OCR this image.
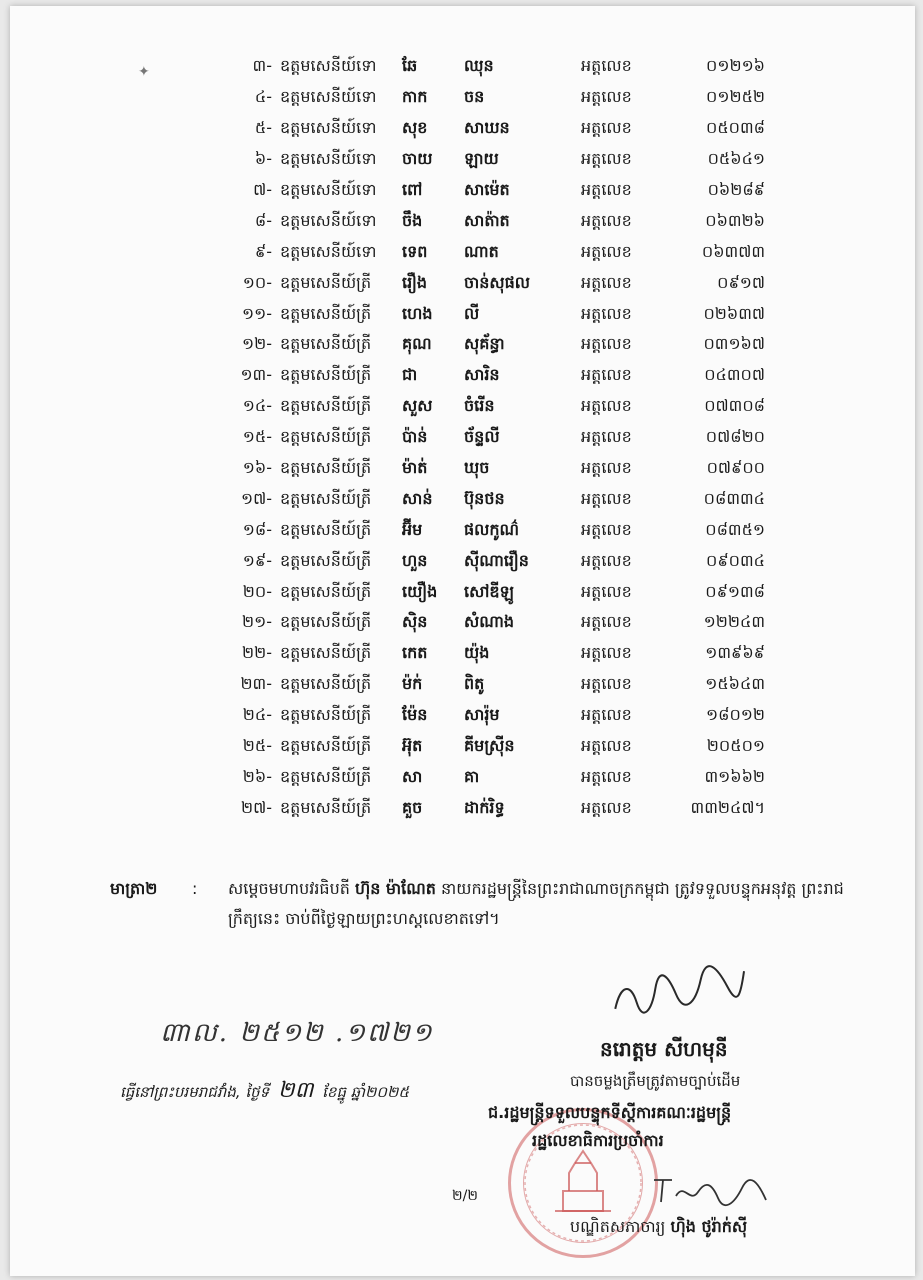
✦	៣-	ឧត្តមសេនីយ៍ទោ	ឆែ	ឈុន	អត្តលេខ	០១២១៦
៤-	ឧត្តមសេនីយ៍ទោ	កាក	ចន	អត្តលេខ	០១២៥២
៥-	ឧត្តមសេនីយ៍ទោ	សុខ	សាឃន	អត្តលេខ	០៥០៣៨
៦-	ឧត្តមសេនីយ៍ទោ	ចាយ	ឡាយ	អត្តលេខ	០៥៦៤១
៧-	ឧត្តមសេនីយ៍ទោ	ពៅ	សាម៉េត	អត្តលេខ	០៦២៨៩
៨-	ឧត្តមសេនីយ៍ទោ	ចឹង	សាត៉ាត	អត្តលេខ	០៦៣២៦
៩-	ឧត្តមសេនីយ៍ទោ	ទេព	ណាត	អត្តលេខ	០៦៣៧៣
១០-	ឧត្តមសេនីយ៍ត្រី	រឿង	ចាន់សុផល	អត្តលេខ	០៩១៧
១១-	ឧត្តមសេនីយ៍ត្រី	ហេង	លី	អត្តលេខ	០២៦៣៧
១២-	ឧត្តមសេនីយ៍ត្រី	គុណ	សុគ័ន្ធា	អត្តលេខ	០៣១៦៧
១៣-	ឧត្តមសេនីយ៍ត្រី	ជា	សារិន	អត្តលេខ	០៤៣០៧
១៤-	ឧត្តមសេនីយ៍ត្រី	សួស	ចំរើន	អត្តលេខ	០៧៣០៨
១៥-	ឧត្តមសេនីយ៍ត្រី	ប៉ាន់	ច័ន្ទលី	អត្តលេខ	០៧៨២០
១៦-	ឧត្តមសេនីយ៍ត្រី	ម៉ាត់	ឃុច	អត្តលេខ	០៧៩០០
១៧-	ឧត្តមសេនីយ៍ត្រី	សាន់	ប៊ុនថន	អត្តលេខ	០៨៣៣៤
១៨-	ឧត្តមសេនីយ៍ត្រី	អ៊ីម	ផលកូណ៌	អត្តលេខ	០៨៣៥១
១៩-	ឧត្តមសេនីយ៍ត្រី	ហួន	ស៊ីណារឿន	អត្តលេខ	០៩០៣៤
២០-	ឧត្តមសេនីយ៍ត្រី	យឿង	សៅឌីឡូ	អត្តលេខ	០៩១៣៨
២១-	ឧត្តមសេនីយ៍ត្រី	ស៊ិន	សំណាង	អត្តលេខ	១២២៤៣
២២-	ឧត្តមសេនីយ៍ត្រី	កេត	យ៉ុង	អត្តលេខ	១៣៩៦៩
២៣-	ឧត្តមសេនីយ៍ត្រី	ម៉ក់	ពិតូ	អត្តលេខ	១៥៦៤៣
២៤-	ឧត្តមសេនីយ៍ត្រី	ម៉ែន	សារ៉ុម	អត្តលេខ	១៨០១២
២៥-	ឧត្តមសេនីយ៍ត្រី	អ៊ុត	គីមស្រ៊ីន	អត្តលេខ	២០៥០១
២៦-	ឧត្តមសេនីយ៍ត្រី	សា	គា	អត្តលេខ	៣១៦៦២
២៧-	ឧត្តមសេនីយ៍ត្រី	គួច	ដាក់រិទ្ធ	អត្តលេខ	៣៣២៤៧។
មាត្រា២ : សម្តេចមហាបវរធិបតី ហ៊ុន ម៉ាណែត នាយករដ្ឋមន្ត្រីនៃព្រះរាជាណាចក្រកម្ពុជា ត្រូវទទួលបន្ទុកអនុវត្ត ព្រះរាជក្រឹត្យនេះ ចាប់ពីថ្ងៃឡាយព្រះហស្តលេខាតទៅ។
៣ាល. ២៥១២ .១៧២១
ធ្វើនៅព្រះបរមរាជវាំង, ថ្ងៃទី ២៣ ខែធ្នូ ឆ្នាំ២០២៥
២/២
នរោត្តម សីហមុនី
បានចម្លងត្រឹមត្រូវតាមច្បាប់ដើម
ជ.រដ្ឋមន្ត្រីទទួលបន្ទុកទីស្តីការគណៈរដ្ឋមន្ត្រី
រដ្ឋលេខាធិការប្រចាំការ
បណ្ឌិតសភាចារ្យ ហ៊ិង ថូរ៉ាក់ស៊ី
